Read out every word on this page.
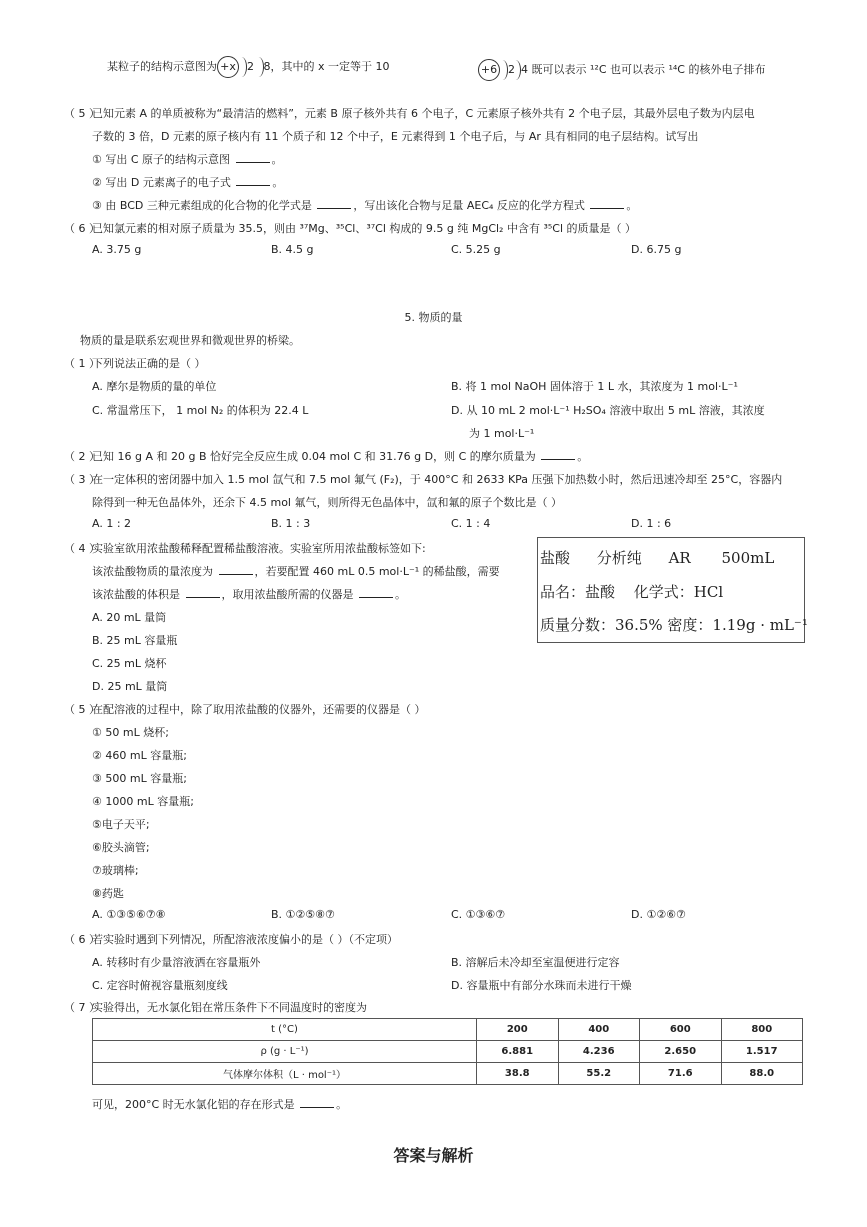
某粒子的结构示意图为 +x 2 8，其中的 x 一定等于 10	+6 2 4 既可以表示 ¹²C 也可以表示 ¹⁴C 的核外电子排布
（ 5 ）
已知元素 A 的单质被称为“最清洁的燃料”，元素 B 原子核外共有 6 个电子，C 元素原子核外共有 2 个电子层，其最外层电子数为内层电
子数的 3 倍，D 元素的原子核内有 11 个质子和 12 个中子，E 元素得到 1 个电子后，与 Ar 具有相同的电子层结构。试写出
① 写出 C 原子的结构示意图	。
② 写出 D 元素离子的电子式	。
③ 由 BCD 三种元素组成的化合物的化学式是	，写出该化合物与足量 AEC₄ 反应的化学方程式	。
（ 6 ）
已知氯元素的相对原子质量为 35.5，则由 ³⁷Mg、³⁵Cl、³⁷Cl 构成的 9.5 g 纯 MgCl₂ 中含有 ³⁵Cl 的质量是（ ）
A. 3.75 g	B. 4.5 g	C. 5.25 g	D. 6.75 g
5. 物质的量
物质的量是联系宏观世界和微观世界的桥梁。
（ 1 ）
下列说法正确的是（ ）
A. 摩尔是物质的量的单位	B. 将 1 mol NaOH 固体溶于 1 L 水，其浓度为 1 mol·L⁻¹
C. 常温常压下， 1 mol N₂ 的体积为 22.4 L	D. 从 10 mL 2 mol·L⁻¹ H₂SO₄ 溶液中取出 5 mL 溶液，其浓度
为 1 mol·L⁻¹
（ 2 ）
已知 16 g A 和 20 g B 恰好完全反应生成 0.04 mol C 和 31.76 g D，则 C 的摩尔质量为	。
（ 3 ）
在一定体积的密闭器中加入 1.5 mol 氙气和 7.5 mol 氟气 (F₂)，于 400°C 和 2633 KPa 压强下加热数小时，然后迅速冷却至 25°C，容器内
除得到一种无色晶体外，还余下 4.5 mol 氟气，则所得无色晶体中，氙和氟的原子个数比是（ ）
A. 1 : 2	B. 1 : 3	C. 1 : 4	D. 1 : 6
（ 4 ）
实验室欲用浓盐酸稀释配置稀盐酸溶液。实验室所用浓盐酸标签如下:
该浓盐酸物质的量浓度为	，若要配置 460 mL 0.5 mol·L⁻¹ 的稀盐酸，需要
该浓盐酸的体积是	，取用浓盐酸所需的仪器是	。
A. 20 mL 量筒
B. 25 mL 容量瓶
C. 25 mL 烧杯
D. 25 mL 量筒
盐酸 分析纯 AR 500mL
品名：盐酸 化学式：HCl
质量分数：36.5% 密度：1.19g · mL⁻¹
（ 5 ）
在配溶液的过程中，除了取用浓盐酸的仪器外，还需要的仪器是（ ）
① 50 mL 烧杯;
② 460 mL 容量瓶;
③ 500 mL 容量瓶;
④ 1000 mL 容量瓶;
⑤电子天平;
⑥胶头滴管;
⑦玻璃棒;
⑧药匙
A. ①③⑤⑥⑦⑧	B. ①②⑤⑧⑦	C. ①③⑥⑦	D. ①②⑥⑦
（ 6 ）
若实验时遇到下列情况，所配溶液浓度偏小的是（ ）（不定项）
A. 转移时有少量溶液洒在容量瓶外	B. 溶解后未冷却至室温便进行定容
C. 定容时俯视容量瓶刻度线	D. 容量瓶中有部分水珠而未进行干燥
（ 7 ）
实验得出，无水氯化铝在常压条件下不同温度时的密度为
t (°C)	200	400	600	800
ρ (g · L⁻¹)	6.881	4.236	2.650	1.517
气体摩尔体积（L · mol⁻¹）	38.8	55.2	71.6	88.0
可见，200°C 时无水氯化铝的存在形式是	。
答案与解析
